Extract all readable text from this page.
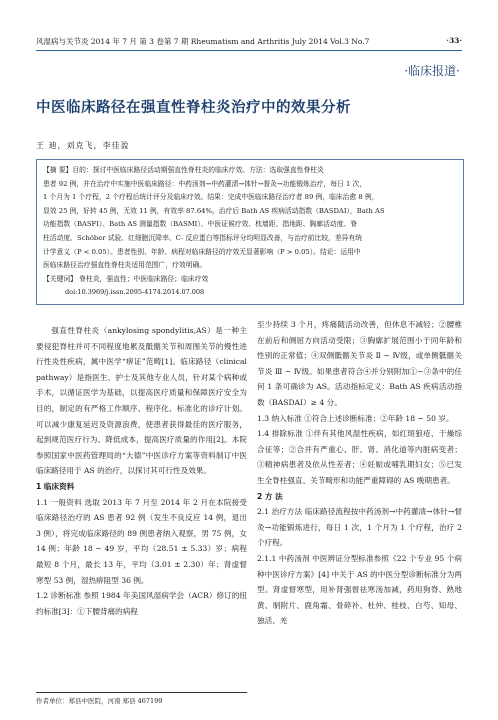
风湿病与关节炎 2014 年 7 月 第 3 卷第 7 期 Rheumatism and Arthritis July 2014 Vol.3 No.7	·33·
·临床报道·
中医临床路径在强直性脊柱炎治疗中的效果分析
王 迪，刘克飞，李佳盈

【摘 要】目的：探讨中医临床路径活动期强直性脊柱炎的临床疗效。方法：选取强直性脊柱炎

患者 92 例，并在治疗中实施中医临床路径：中药汤剂→中药灌渍→体针→督灸→功能锻炼治疗，每日 1 次，

1 个月为 1 个疗程，2 个疗程后统计评分及临床疗效。结果：完成中医临床路径治疗者 89 例，临床治愈 8 例，

显效 25 例，好转 45 例，无效 11 例，有效率 87.64%。治疗后 Bath AS 疾病活动指数（BASDAI），Bath AS

功能指数（BASFI）、Bath AS 测量指数（BASMI）、中医证候疗效、枕墙距、指地距、胸廓活动度、脊

柱活动度、Schöber 试验、红细胞沉降率、C- 反应蛋白等指标评分均明显改善，与治疗前比较，差异有统

计学意义（P < 0.05）。患者性别、年龄、病程对临床路径的疗效无显著影响（P > 0.05）。结论：运用中

医临床路径治疗强直性脊柱炎适用范围广，疗效明确。

【关键词】 脊柱炎，强直性；中医临床路径；临床疗效
doi:10.3969/j.issn.2095-4174.2014.07.008

强直性脊柱炎（ankylosing spondylitis,AS）是一种主要侵犯脊柱并可不同程度地累及骶髂关节和周围关节的慢性进行性炎性疾病，属中医学“痹证”范畴[1]。临床路径（clinical pathway）是指医生、护士及其他专业人员，针对某个病种或手术，以循证医学为基础，以提高医疗质量和保障医疗安全为目的，制定的有严格工作顺序、程序化、标准化的诊疗计划。可以减少康复延迟及资源浪费，使患者获得最佳的医疗服务，起到规范医疗行为、降低成本，提高医疗质量的作用[2]。本院参照国家中医药管理局的“大德”中医诊疗方案等资料制订中医临床路径用于 AS 的治疗，以探讨其可行性及效果。

1 临床资料

1.1 一般资料 选取 2013 年 7 月至 2014 年 2 月在本院接受临床路径治疗的 AS 患者 92 例（发生不良反应 14 例，退出 3 例），将完成临床路径的 89 例患者纳入观察，男 75 例，女 14 例；年龄 18 ~ 49 岁，平均（28.51 ± 5.33）岁；病程最短 8 个月，最长 13 年，平均（3.01 ± 2.30）年；肾虚督寒型 53 例，湿热痹阻型 36 例。

1.2 诊断标准 参照 1984 年美国风湿病学会（ACR）修订的纽约标准[3]：①下腰背痛的病程

至少持续 3 个月，疼痛随活动改善，但休息不减轻；②腰椎在前后和侧屈方向活动受限；③胸廓扩展范围小于同年龄和性别的正常值；④双侧骶髂关节炎 Ⅱ ~ Ⅳ级，或单侧骶髂关节炎 Ⅲ ~ Ⅳ级。如果患者符合④并分别附加①~③条中的任何 1 条可确诊为 AS。活动指标定义：Bath AS 疾病活动指数（BASDAI）≥ 4 分。

1.3 纳入标准 ①符合上述诊断标准；②年龄 18 ~ 50 岁。

1.4 排除标准 ①伴有其他风湿性疾病，如红斑狼疮、干燥综合征等；②合并有严重心、肝、肾、消化道等内脏病变者；③精神病患者及依从性差者；④妊娠或哺乳期妇女；⑤已发生全脊柱强直、关节畸形和功能严重障碍的 AS 晚期患者。

2 方 法

2.1 治疗方法 临床路径流程按中药汤剂→中药灌渍→体针→督灸→功能锻炼进行，每日 1 次，1 个月为 1 个疗程，治疗 2 个疗程。

2.1.1 中药汤剂 中医辨证分型标准参照《22 个专业 95 个病种中医诊疗方案》[4] 中关于 AS 的中医分型诊断标准分为两型。肾虚督寒型，用补肾强督祛寒汤加减，药用狗脊、熟地黄、制附片、鹿角霜、骨碎补、杜仲、桂枝、白芍、知母、独活、羌

作者单位：郑县中医院，河南 郑县 467199
